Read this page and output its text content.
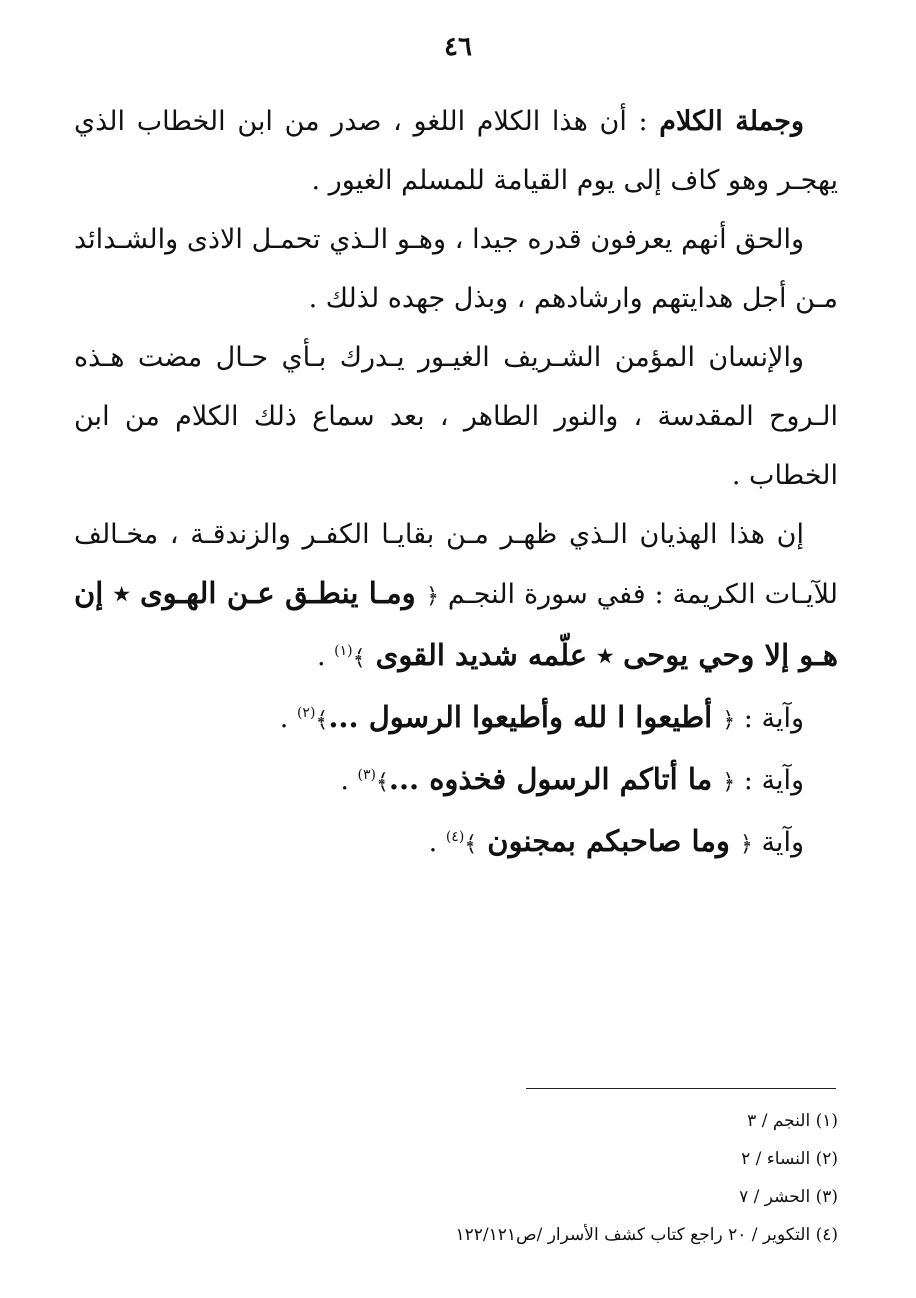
٤٦

وجملة الكلام : أن هذا الكلام اللغو ، صدر من ابن الخطاب الذي يهجـر وهو كاف إلى يوم القيامة للمسلم الغيور .

والحق أنهم يعرفون قدره جيدا ، وهـو الـذي تحمـل الاذى والشـدائد مـن أجل هدايتهم وارشادهم ، وبذل جهده لذلك .

والإنسان المؤمن الشـريف الغيـور يـدرك بـأي حـال مضت هـذه الـروح المقدسة ، والنور الطاهر ، بعد سماع ذلك الكلام من ابن الخطاب .

إن هذا الهذيان الـذي ظهـر مـن بقايـا الكفـر والزندقـة ، مخـالف للآيـات الكريمة : ففي سورة النجـم ﴿ ومـا ينطـق عـن الهـوى ٭ إن هـو إلا وحي يوحى ٭ علّمه شديد القوى ﴾$^{(١)}$ .

وآية : ﴿ أطيعوا ا لله وأطيعوا الرسول ...﴾$^{(٢)}$ .

وآية : ﴿ ما أتاكم الرسول فخذوه ...﴾$^{(٣)}$ .

وآية ﴿ وما صاحبكم بمجنون ﴾$^{(٤)}$ .

(١) النجم / ٣

(٢) النساء / ٢

(٣) الحشر / ٧

(٤) التكوير / ٢٠ راجع كتاب كشف الأسرار /ص١٢٢/١٢١
